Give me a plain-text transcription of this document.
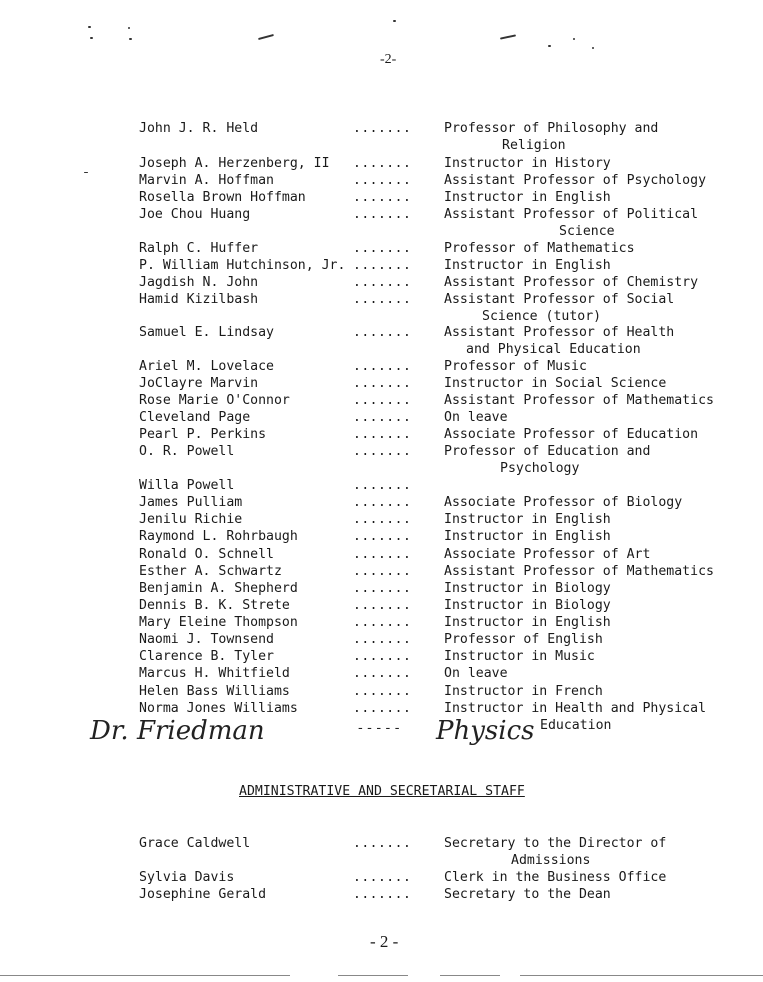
-2-
John J. R. Held	....... Professor of Philosophy and
Religion
Joseph A. Herzenberg, II ....... Instructor in History
Marvin A. Hoffman	....... Assistant Professor of Psychology
Rosella Brown Hoffman	....... Instructor in English
Joe Chou Huang	....... Assistant Professor of Political
Science
Ralph C. Huffer	....... Professor of Mathematics
P. William Hutchinson, Jr. ....... Instructor in English
Jagdish N. John	....... Assistant Professor of Chemistry
Hamid Kizilbash	....... Assistant Professor of Social
Science (tutor)
Samuel E. Lindsay	....... Assistant Professor of Health
and Physical Education
Ariel M. Lovelace	....... Professor of Music
JoClayre Marvin	....... Instructor in Social Science
Rose Marie O'Connor	....... Assistant Professor of Mathematics
Cleveland Page	....... On leave
Pearl P. Perkins	....... Associate Professor of Education
O. R. Powell	....... Professor of Education and
Psychology
Willa Powell	.......
James Pulliam	....... Associate Professor of Biology
Jenilu Richie	....... Instructor in English
Raymond L. Rohrbaugh	....... Instructor in English
Ronald O. Schnell	....... Associate Professor of Art
Esther A. Schwartz	....... Assistant Professor of Mathematics
Benjamin A. Shepherd	....... Instructor in Biology
Dennis B. K. Strete	....... Instructor in Biology
Mary Eleine Thompson	....... Instructor in English
Naomi J. Townsend	....... Professor of English
Clarence B. Tyler	....... Instructor in Music
Marcus H. Whitfield	....... On leave
Helen Bass Williams	....... Instructor in French
Norma Jones Williams	....... Instructor in Health and Physical
Education
Dr. Friedman	- - - - - Physics
ADMINISTRATIVE AND SECRETARIAL STAFF
Grace Caldwell	....... Secretary to the Director of
Admissions
Sylvia Davis	....... Clerk in the Business Office
Josephine Gerald	....... Secretary to the Dean
- 2 -
